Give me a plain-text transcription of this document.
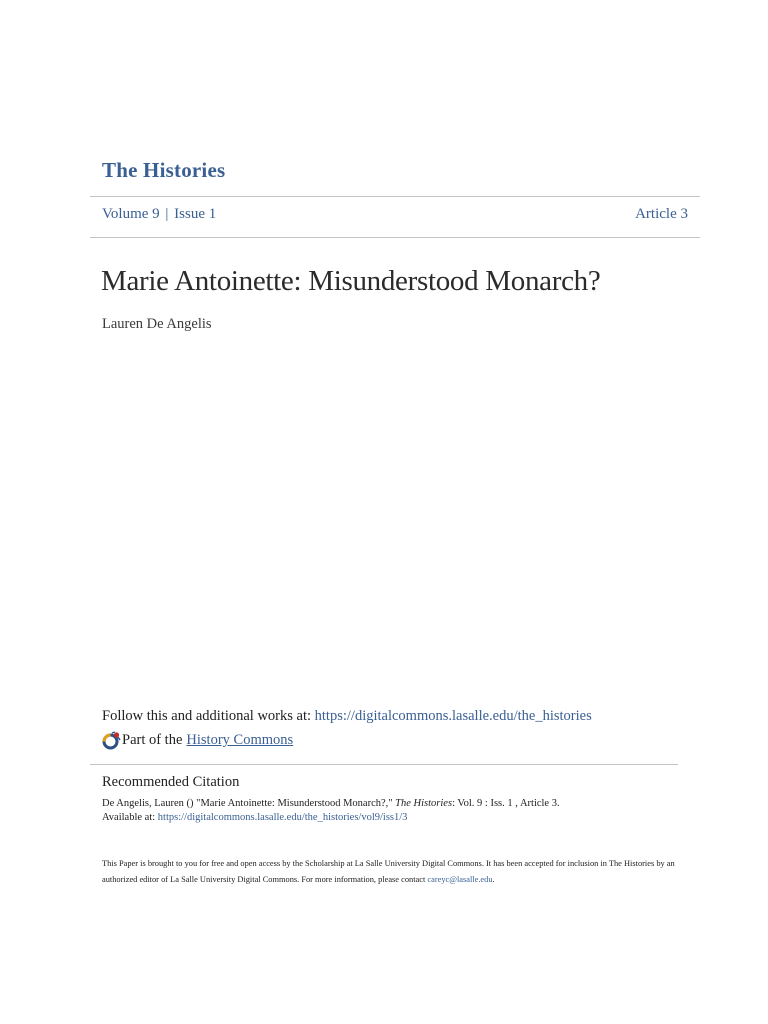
The Histories
Volume 9 | Issue 1	Article 3
Marie Antoinette: Misunderstood Monarch?
Lauren De Angelis
Follow this and additional works at: https://digitalcommons.lasalle.edu/the_histories
Part of the History Commons
Recommended Citation
De Angelis, Lauren () "Marie Antoinette: Misunderstood Monarch?," The Histories: Vol. 9 : Iss. 1 , Article 3.
Available at: https://digitalcommons.lasalle.edu/the_histories/vol9/iss1/3
This Paper is brought to you for free and open access by the Scholarship at La Salle University Digital Commons. It has been accepted for inclusion in The Histories by an authorized editor of La Salle University Digital Commons. For more information, please contact careyc@lasalle.edu.
